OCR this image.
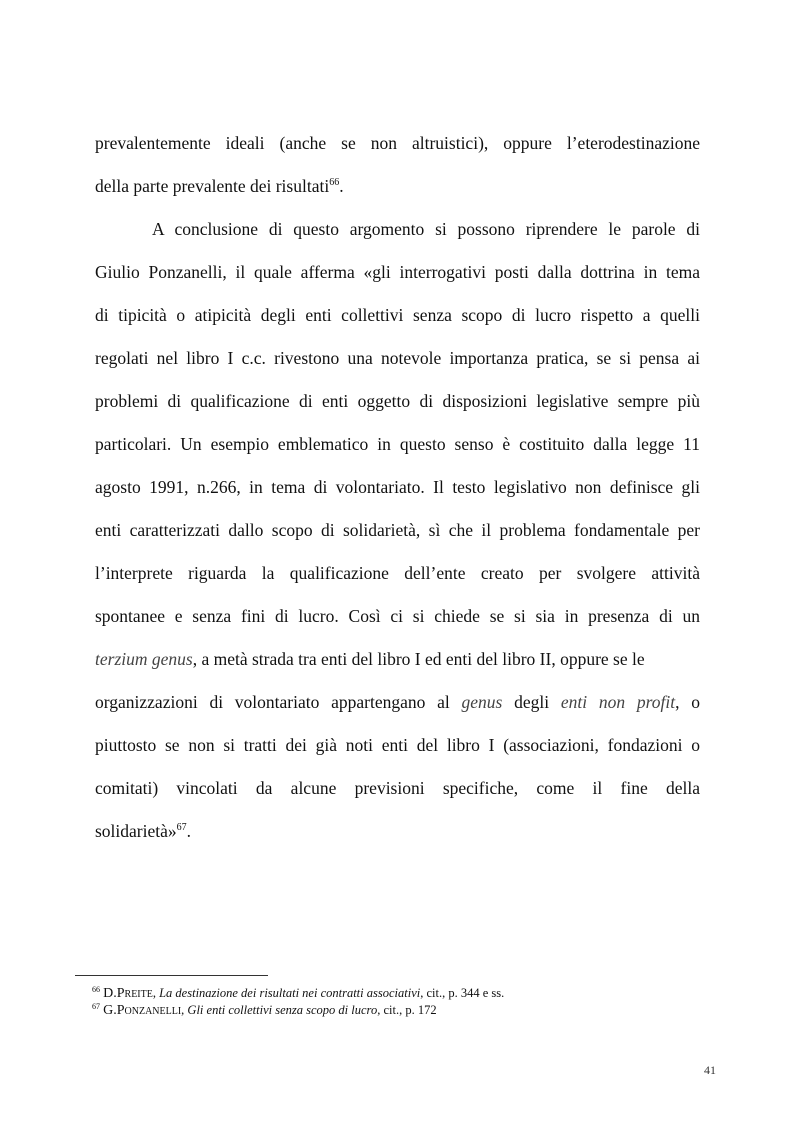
prevalentemente ideali (anche se non altruistici), oppure l’eterodestinazione
della parte prevalente dei risultati$^{66}$.
A conclusione di questo argomento si possono riprendere le parole di
Giulio Ponzanelli, il quale afferma «gli interrogativi posti dalla dottrina in tema
di tipicità o atipicità degli enti collettivi senza scopo di lucro rispetto a quelli
regolati nel libro I c.c. rivestono una notevole importanza pratica, se si pensa ai
problemi di qualificazione di enti oggetto di disposizioni legislative sempre più
particolari. Un esempio emblematico in questo senso è costituito dalla legge 11
agosto 1991, n.266, in tema di volontariato. Il testo legislativo non definisce gli
enti caratterizzati dallo scopo di solidarietà, sì che il problema fondamentale per
l’interprete riguarda la qualificazione dell’ente creato per svolgere attività
spontanee e senza fini di lucro. Così ci si chiede se si sia in presenza di un
terzium genus, a metà strada tra enti del libro I ed enti del libro II, oppure se le
organizzazioni di volontariato appartengano al genus degli enti non profit, o
piuttosto se non si tratti dei già noti enti del libro I (associazioni, fondazioni o
comitati) vincolati da alcune previsioni specifiche, come il fine della
solidarietà»$^{67}$.
$^{66}$ D.Preite, La destinazione dei risultati nei contratti associativi, cit., p. 344 e ss.
$^{67}$ G.Ponzanelli, Gli enti collettivi senza scopo di lucro, cit., p. 172
41
